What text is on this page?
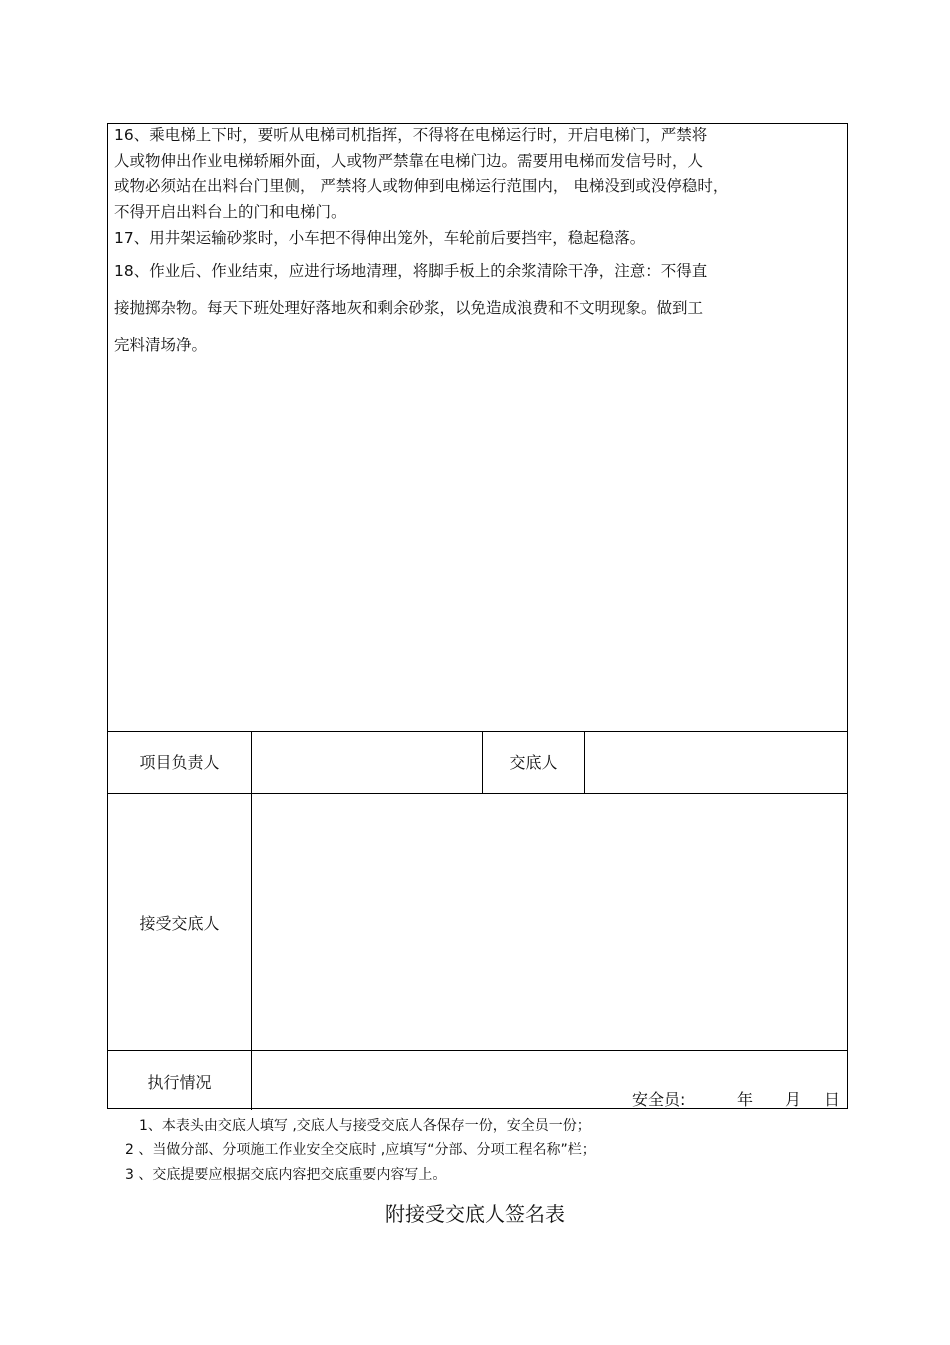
16、乘电梯上下时，要听从电梯司机指挥，不得将在电梯运行时，开启电梯门，严禁将
人或物伸出作业电梯轿厢外面，人或物严禁靠在电梯门边。需要用电梯而发信号时，人
或物必须站在出料台门里侧， 严禁将人或物伸到电梯运行范围内， 电梯没到或没停稳时，
不得开启出料台上的门和电梯门。
17、用井架运输砂浆时，小车把不得伸出笼外，车轮前后要挡牢，稳起稳落。
18、作业后、作业结束，应进行场地清理，将脚手板上的余浆清除干净，注意：不得直
接抛掷杂物。每天下班处理好落地灰和剩余砂浆，以免造成浪费和不文明现象。做到工
完料清场净。
项目负责人	交底人
接受交底人
执行情况
安全员:	年 月 日
1、本表头由交底人填写 ,交底人与接受交底人各保存一份，安全员一份；
2 、当做分部、分项施工作业安全交底时 ,应填写“分部、分项工程名称”栏；
3 、交底提要应根据交底内容把交底重要内容写上。
附接受交底人签名表
